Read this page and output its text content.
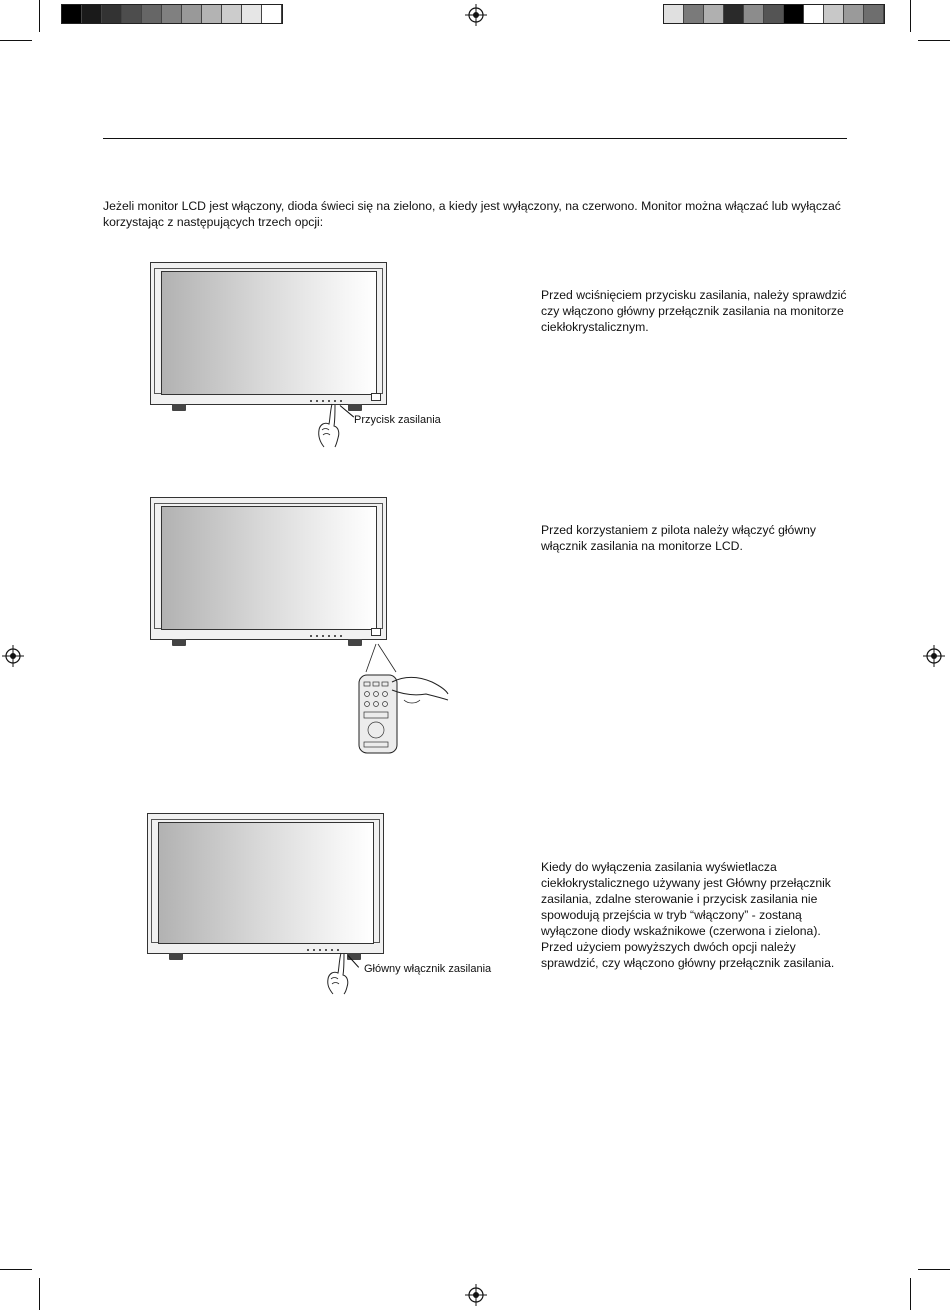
Jeżeli monitor LCD jest włączony, dioda świeci się na zielono, a kiedy jest wyłączony, na czerwono. Monitor można włączać lub wyłączać korzystając z następujących trzech opcji:
Przycisk zasilania
Przed wciśnięciem przycisku zasilania, należy sprawdzić czy włączono główny przełącznik zasilania na monitorze ciekłokrystalicznym.
Przed korzystaniem z pilota należy włączyć główny włącznik zasilania na monitorze LCD.
Główny włącznik zasilania
Kiedy do wyłączenia zasilania wyświetlacza ciekłokrystalicznego używany jest Główny przełącznik zasilania, zdalne sterowanie i przycisk zasilania nie spowodują przejścia w tryb “włączony” - zostaną wyłączone diody wskaźnikowe (czerwona i zielona). Przed użyciem powyższych dwóch opcji należy sprawdzić, czy włączono główny przełącznik zasilania.
